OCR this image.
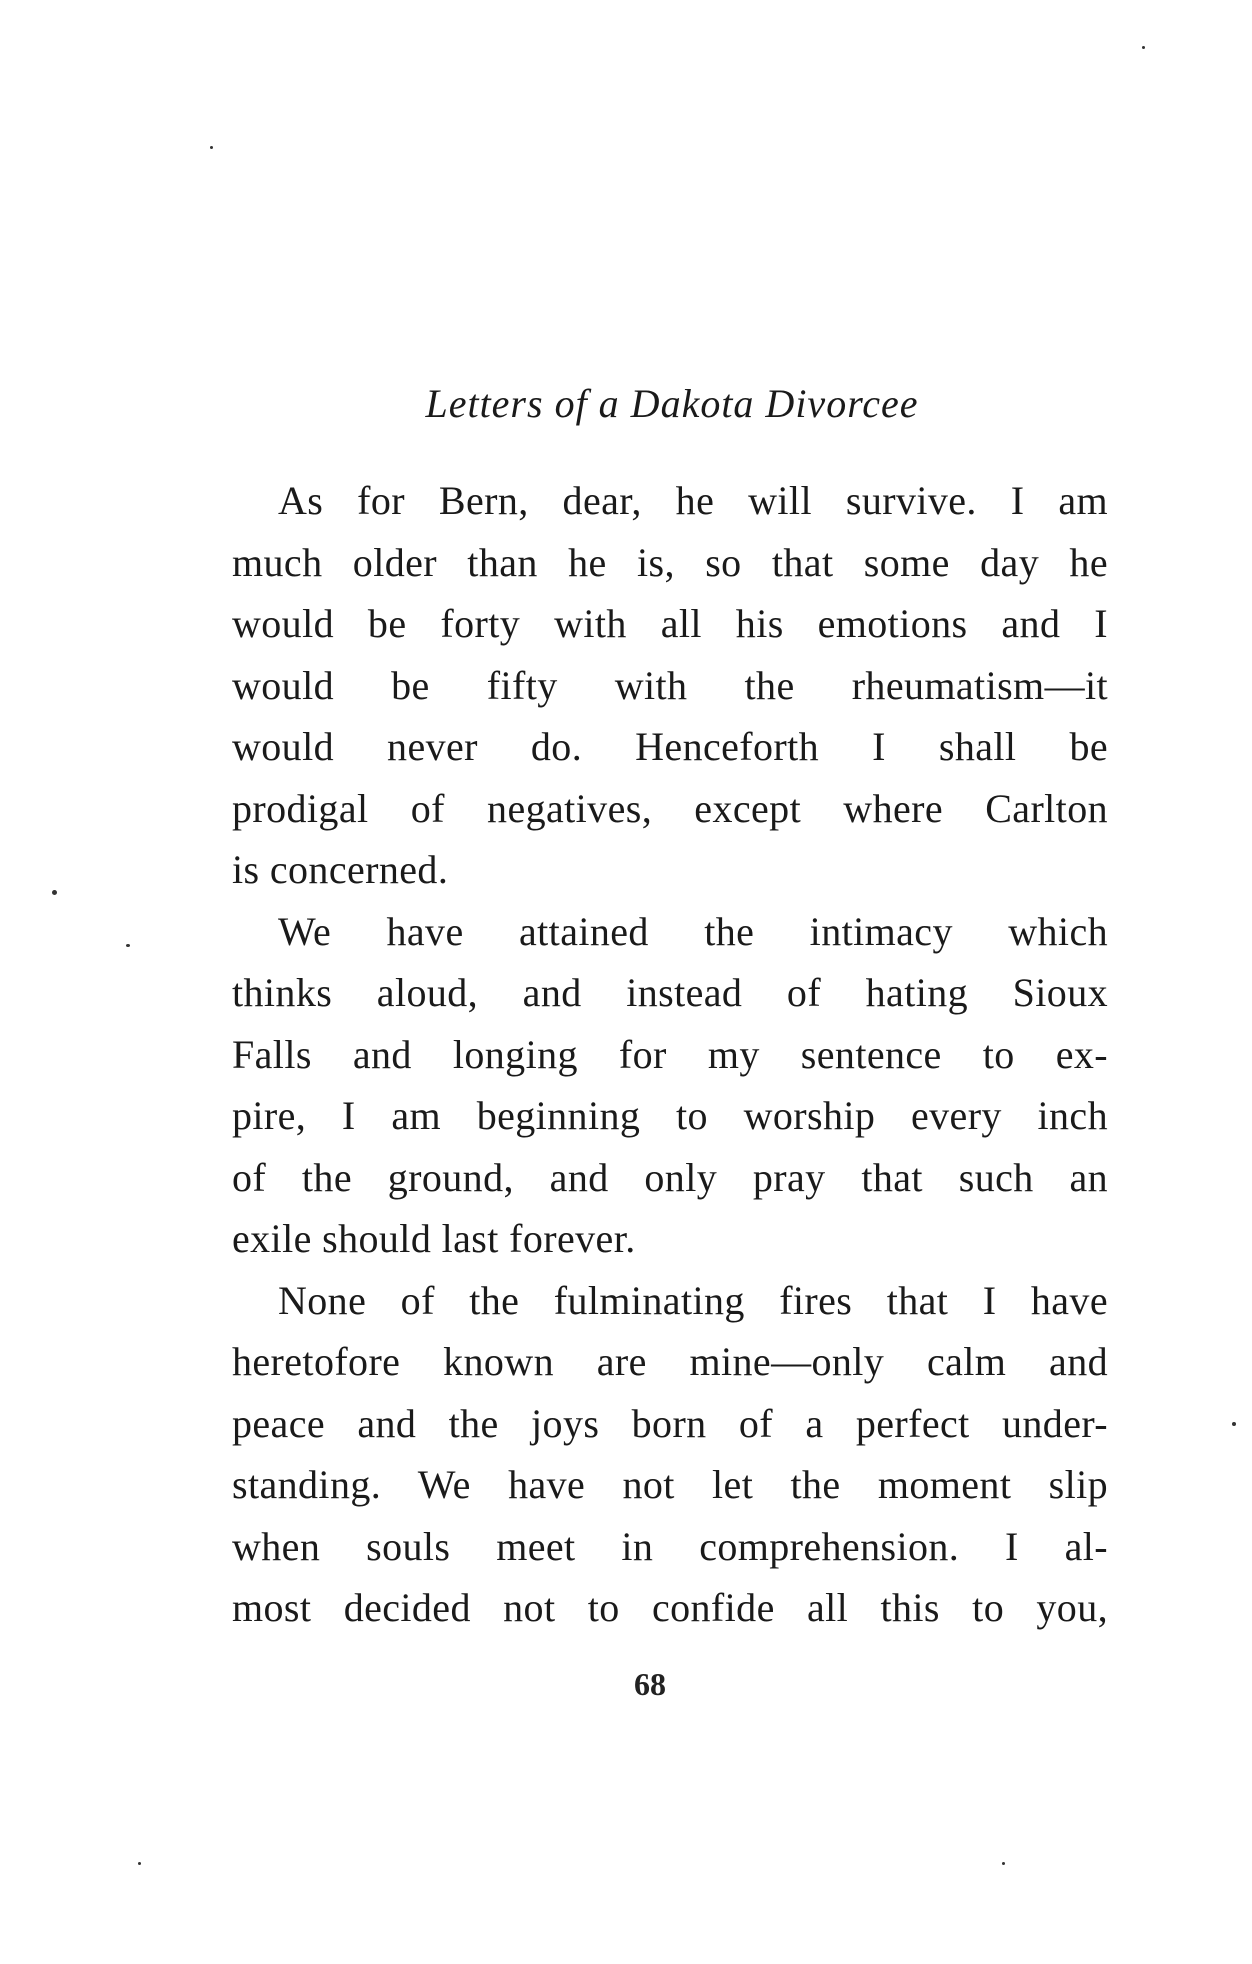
Letters of a Dakota Divorcee
As for Bern, dear, he will survive. I am
much older than he is, so that some day he
would be forty with all his emotions and I
would be fifty with the rheumatism—it
would never do. Henceforth I shall be
prodigal of negatives, except where Carlton
is concerned.
We have attained the intimacy which
thinks aloud, and instead of hating Sioux
Falls and longing for my sentence to ex-
pire, I am beginning to worship every inch
of the ground, and only pray that such an
exile should last forever.
None of the fulminating fires that I have
heretofore known are mine—only calm and
peace and the joys born of a perfect under-
standing. We have not let the moment slip
when souls meet in comprehension. I al-
most decided not to confide all this to you,
68
